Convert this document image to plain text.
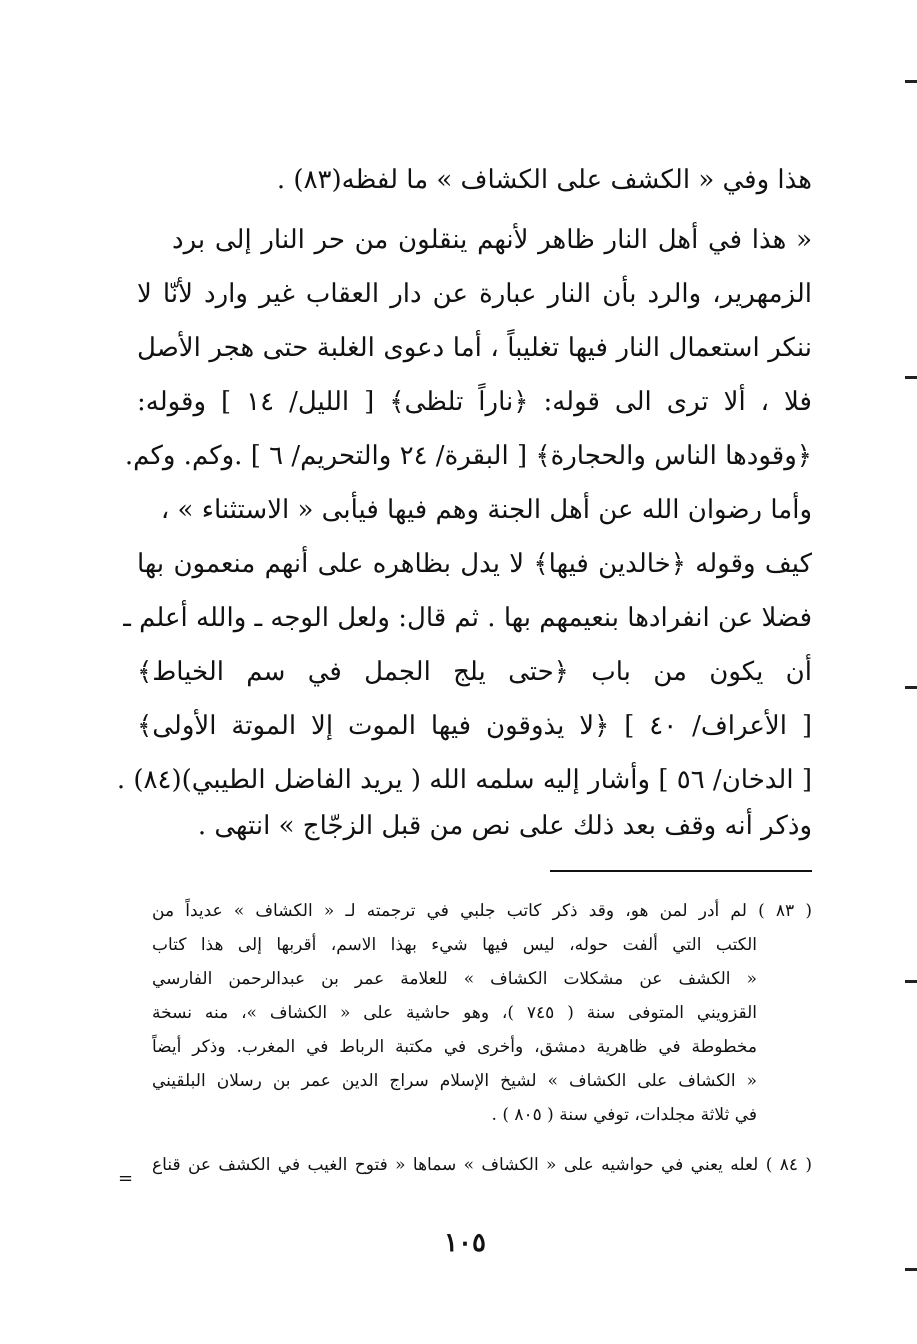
هذا وفي « الكشف على الكشاف » ما لفظه(٨٣) .
« هذا في أهل النار ظاهر لأنهم ينقلون من حر النار إلى برد
الزمهرير، والرد بأن النار عبارة عن دار العقاب غير وارد لأنّا لا
ننكر استعمال النار فيها تغليباً ، أما دعوى الغلبة حتى هجر الأصل
فلا ، ألا ترى الى قوله: ﴿ناراً تلظى﴾ [ الليل/ ١٤ ] وقوله:
﴿وقودها الناس والحجارة﴾ [ البقرة/ ٢٤ والتحريم/ ٦ ] .وكم. وكم.
وأما رضوان الله عن أهل الجنة وهم فيها فيأبى « الاستثناء » ،
كيف وقوله ﴿خالدين فيها﴾ لا يدل بظاهره على أنهم منعمون بها
فضلا عن انفرادها بنعيمهم بها . ثم قال: ولعل الوجه ـ والله أعلم ـ
أن يكون من باب ﴿حتى يلج الجمل في سم الخياط﴾
[ الأعراف/ ٤٠ ] ﴿لا يذوقون فيها الموت إلا الموتة الأولى﴾
[ الدخان/ ٥٦ ] وأشار إليه سلمه الله ( يريد الفاضل الطيبي)(٨٤) .
وذكر أنه وقف بعد ذلك على نص من قبل الزجّاج » انتهى .
( ٨٣ ) لم أدر لمن هو، وقد ذكر كاتب جلبي في ترجمته لـ « الكشاف » عديداً من
الكتب التي ألفت حوله، ليس فيها شيء بهذا الاسم، أقربها إلى هذا كتاب
« الكشف عن مشكلات الكشاف » للعلامة عمر بن عبدالرحمن الفارسي
القزويني المتوفى سنة ( ٧٤٥ )، وهو حاشية على « الكشاف »، منه نسخة
مخطوطة في ظاهرية دمشق، وأخرى في مكتبة الرباط في المغرب. وذكر أيضاً
« الكشاف على الكشاف » لشيخ الإسلام سراج الدين عمر بن رسلان البلقيني
في ثلاثة مجلدات، توفي سنة ( ٨٠٥ ) .
( ٨٤ ) لعله يعني في حواشيه على « الكشاف » سماها « فتوح الغيب في الكشف عن قناع
=
١٠٥
